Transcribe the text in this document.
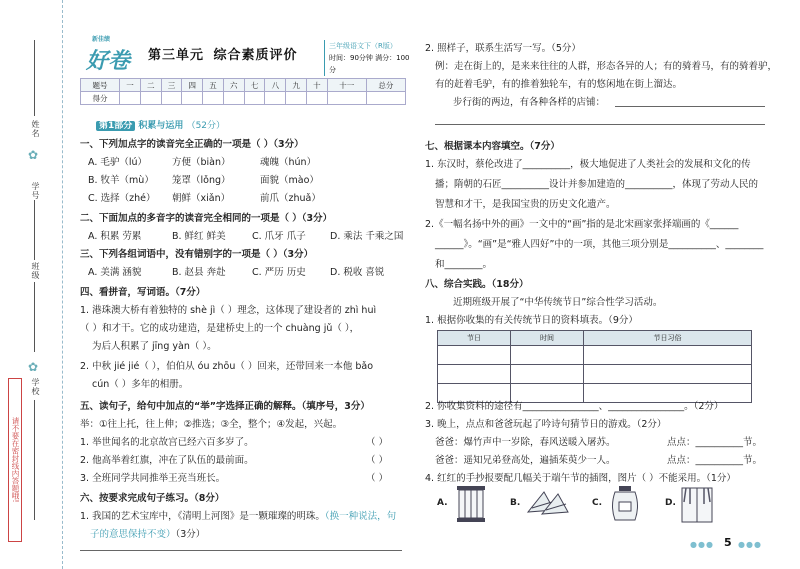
姓名
✿
学号
班级
✿
学校
请不要在密封线内答题哦!
新佳绩
好卷 第三单元 综合素质评价
三年级语文下（R版）
时间：90分钟 满分：100分
题号	一	二	三	四	五	六	七	八	九	十	十一	总分
得分												
第1部分 积累与运用 （52分）
一、下列加点字的读音完全正确的一项是（ ）（3分）
A. 毛驴（lú）	方便（biàn）	魂魄（hún）
B. 牧羊（mù） 笼罩（lǒng）	面貌（mào）
C. 选择（zhé） 朝鲜（xiǎn）	前爪（zhuǎ）
二、下面加点的多音字的读音完全相同的一项是（ ）（3分）
A. 积累 劳累	B. 鲜红 鲜美	C. 爪牙 爪子	D. 乘法 千乘之国
三、下列各组词语中，没有错别字的一项是（ ）（3分）
A. 美满 涵貌	B. 赵县 奔赴	C. 严历 历史	D. 税收 喜锐
四、看拼音，写词语。（7分）
1. 港珠澳大桥有着独特的 shè jì（ ）理念，这体现了建设者的 zhì huì
（ ）和才干。它的成功建造，是建桥史上的一个 chuàng jǔ（ ），
为后人积累了 jīng yàn（ ）。
2. 中秋 jié jié（ ），伯伯从 óu zhōu（ ）回来，还带回来一本他 bǎo
cún（ ）多年的相册。
五、读句子，给句中加点的“举”字选择正确的解释。（填序号，3分）
举：①往上托，往上伸；②推选；③全，整个；④发起，兴起。
1. 举世闻名的北京故宫已经六百多岁了。	（ ）
2. 他高举着红旗，冲在了队伍的最前面。	（ ）
3. 全班同学共同推举王亮当班长。	（ ）
六、按要求完成句子练习。（8分）
1. 我国的艺术宝库中，《清明上河图》是一颗璀璨的明珠。（换一种说法，句
子的意思保持不变）（3分）
2. 照样子，联系生活写一写。（5分）
例：走在街上的，是来来往往的人群，形态各异的人；有的骑着马，有的骑着驴，
有的赶着毛驴，有的推着独轮车，有的悠闲地在街上溜达。
步行街的两边，有各种各样的店铺：
七、根据课本内容填空。（7分）
1. 东汉时，蔡伦改进了__________，极大地促进了人类社会的发展和文化的传
播；隋朝的石匠__________设计并参加建造的__________，体现了劳动人民的
智慧和才干，是我国宝贵的历史文化遗产。
2.《一幅名扬中外的画》一文中的“画”指的是北宋画家张择端画的《______
______》。“画”是“雅人四好”中的一项，其他三项分别是__________、________
和________。
八、综合实践。（18分）
近期班级开展了“中华传统节日”综合性学习活动。
1. 根据你收集的有关传统节日的资料填表。（9分）
节日	时间	节日习俗

2. 你收集资料的途径有________________、________________。（2分）
3. 晚上，点点和爸爸玩起了吟诗句猜节日的游戏。（2分）
爸爸：爆竹声中一岁除，春风送暖入屠苏。	点点：__________节。
爸爸：遥知兄弟登高处，遍插茱萸少一人。	点点：__________节。
4. 红红的手抄报要配几幅关于端午节的插图，图片（ ）不能采用。（1分）
A.	B.	C.	D.
●●● 5 ●●●
